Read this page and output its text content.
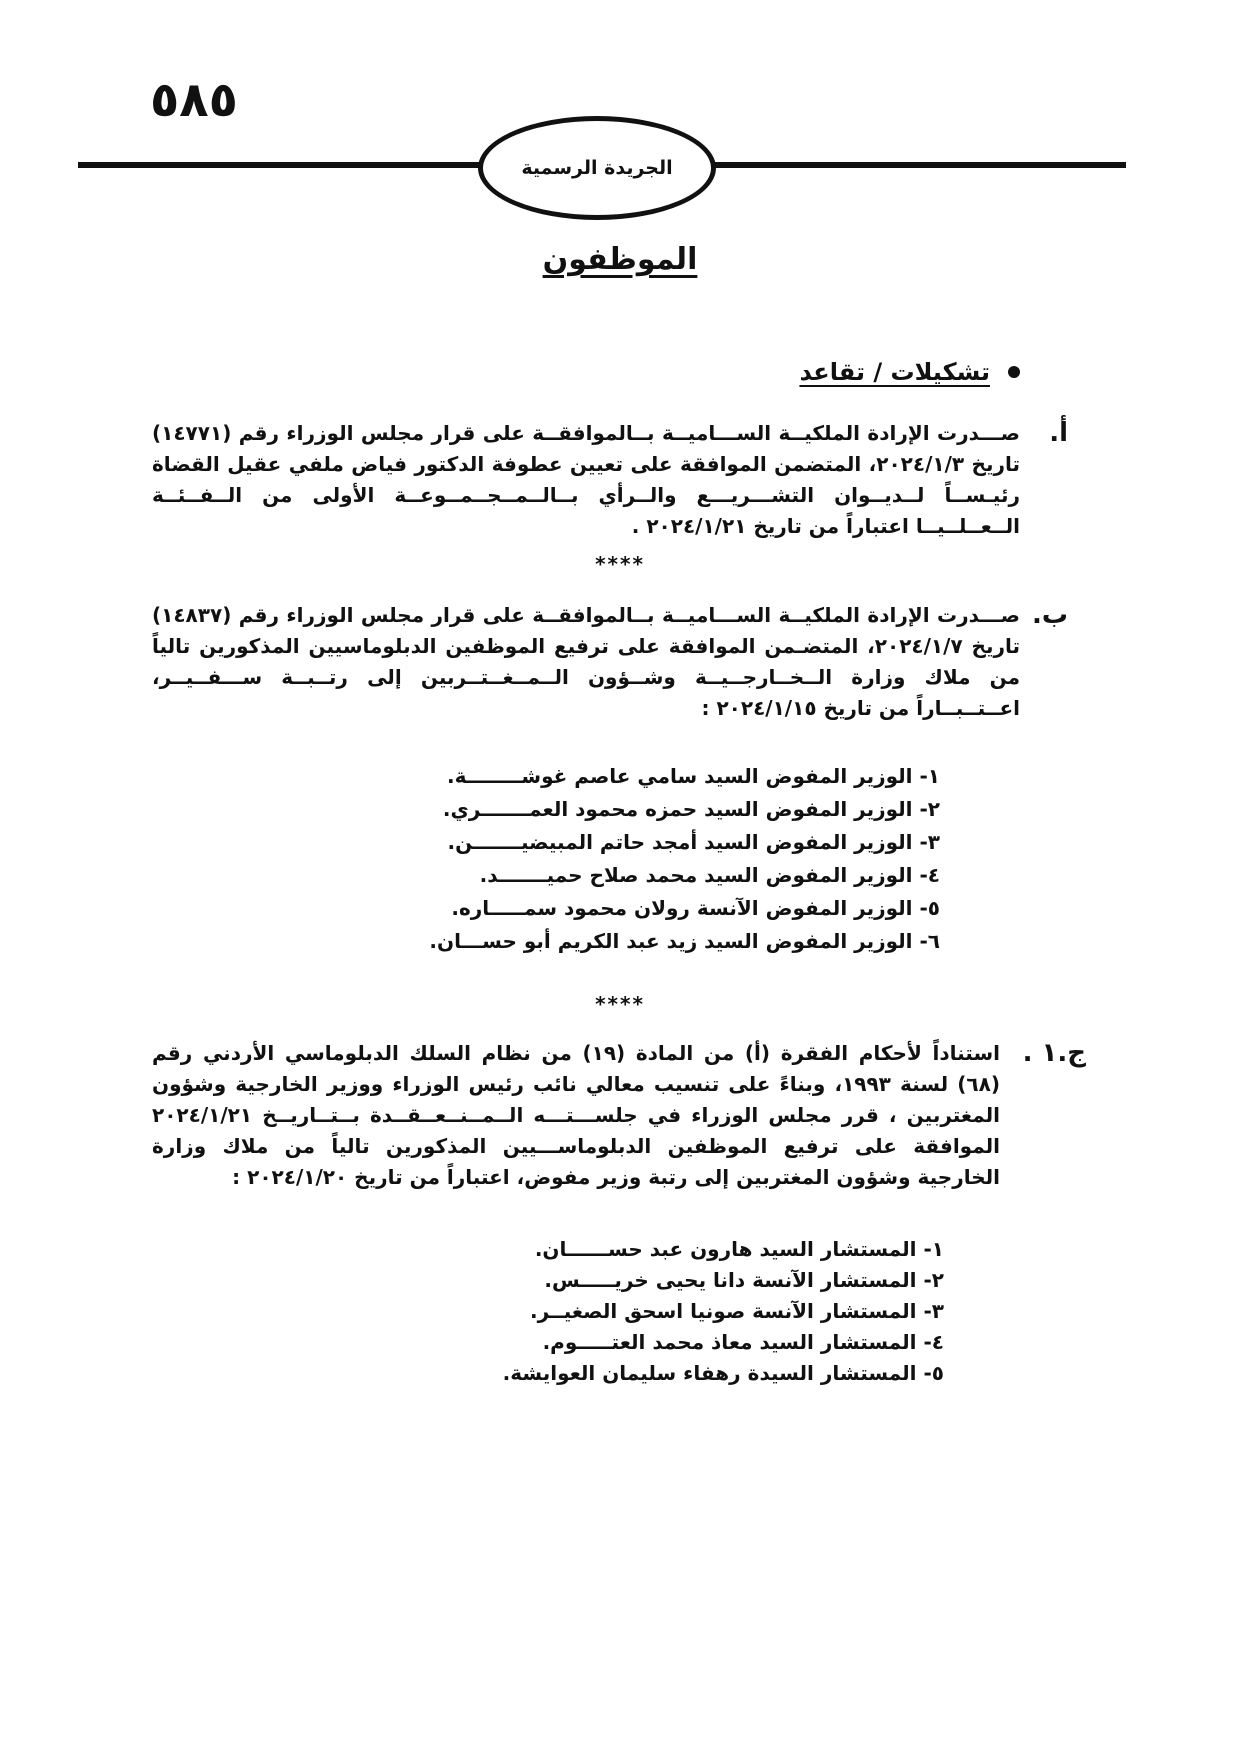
٥٨٥
الجريدة الرسمية
الموظفون
تشكيلات / تقاعد
أ.
صـــدرت الإرادة الملكيــة الســـاميــة بــالموافقــة على قرار مجلس الوزراء رقم (١٤٧٧١) تاريخ ٢٠٢٤/١/٣، المتضمن الموافقة على تعيين عطوفة الدكتور فياض ملفي عقيل القضاة رئيـســاً لــديــوان التشـــريـــع والــرأي بــالــمــجــمــوعــة الأولى من الــفــئــة الــعــلــيــا اعتباراً من تاريخ ٢٠٢٤/١/٢١ .
****
ب.
صـــدرت الإرادة الملكيــة الســـاميــة بــالموافقــة على قرار مجلس الوزراء رقم (١٤٨٣٧) تاريخ ٢٠٢٤/١/٧، المتضـمن الموافقة على ترفيع الموظفين الدبلوماسيين المذكورين تالياً من ملاك وزارة الــخــارجــيــة وشــؤون الــمــغــتــربين إلى رتــبــة ســـفــيــر، اعــتــبــاراً من تاريخ ٢٠٢٤/١/١٥ :
١- الوزير المفوض السيد سامي عاصم غوشــــــــة.
٢- الوزير المفوض السيد حمزه محمود العمـــــــري.
٣- الوزير المفوض السيد أمجد حاتم المبيضيـــــــن.
٤- الوزير المفوض السيد محمد صلاح حميـــــــد.
٥- الوزير المفوض الآنسة رولان محمود سمـــــاره.
٦- الوزير المفوض السيد زيد عبد الكريم أبو حســـان.
****
ج.١ .
استناداً لأحكام الفقرة (أ) من المادة (١٩) من نظام السلك الدبلوماسي الأردني رقم (٦٨) لسنة ١٩٩٣، وبناءً على تنسيب معالي نائب رئيس الوزراء ووزير الخارجية وشؤون المغتربين ، قرر مجلس الوزراء في جلســـتـــه الــمــنــعــقــدة بــتــاريــخ ٢٠٢٤/١/٢١ الموافقة على ترفيع الموظفين الدبلوماســـيين المذكورين تالياً من ملاك وزارة الخارجية وشؤون المغتربين إلى رتبة وزير مفوض، اعتباراً من تاريخ ٢٠٢٤/١/٢٠ :
١- المستشار السيد هارون عبد حســــــان.
٢- المستشار الآنسة دانا يحيى خريـــــس.
٣- المستشار الآنسة صونيا اسحق الصغيــر.
٤- المستشار السيد معاذ محمد العتـــــوم.
٥- المستشار السيدة رهفاء سليمان العوايشة.
